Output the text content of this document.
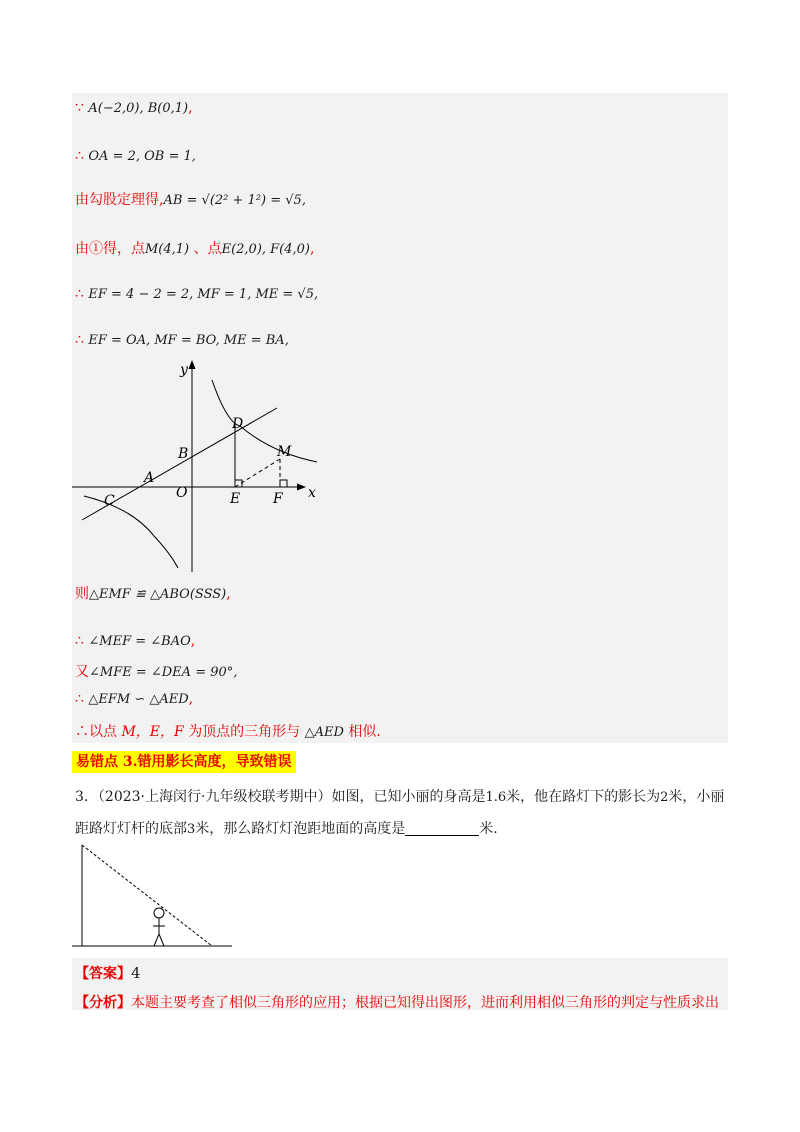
∵ A(−2,0), B(0,1),
∴ OA = 2, OB = 1,
由勾股定理得,AB = √(2² + 1²) = √5,
由①得，点M(4,1) 、点E(2,0), F(4,0),
∴ EF = 4 − 2 = 2, MF = 1, ME = √5,
∴ EF = OA, MF = BO, ME = BA,
y
x
D
M
B
A
C	O	E F
则△EMF ≌ △ABO(SSS),
∴ ∠MEF = ∠BAO,
又∠MFE = ∠DEA = 90°,
∴ △EFM ∽ △AED,
∴以点 M，E，F 为顶点的三角形与 △AED 相似.
易错点 3.错用影长高度，导致错误
3．（2023·上海闵行·九年级校联考期中）如图，已知小丽的身高是1.6米，他在路灯下的影长为2米，小丽
距路灯灯杆的底部3米，那么路灯灯泡距地面的高度是	米.
【答案】4
【分析】本题主要考查了相似三角形的应用；根据已知得出图形，进而利用相似三角形的判定与性质求出
